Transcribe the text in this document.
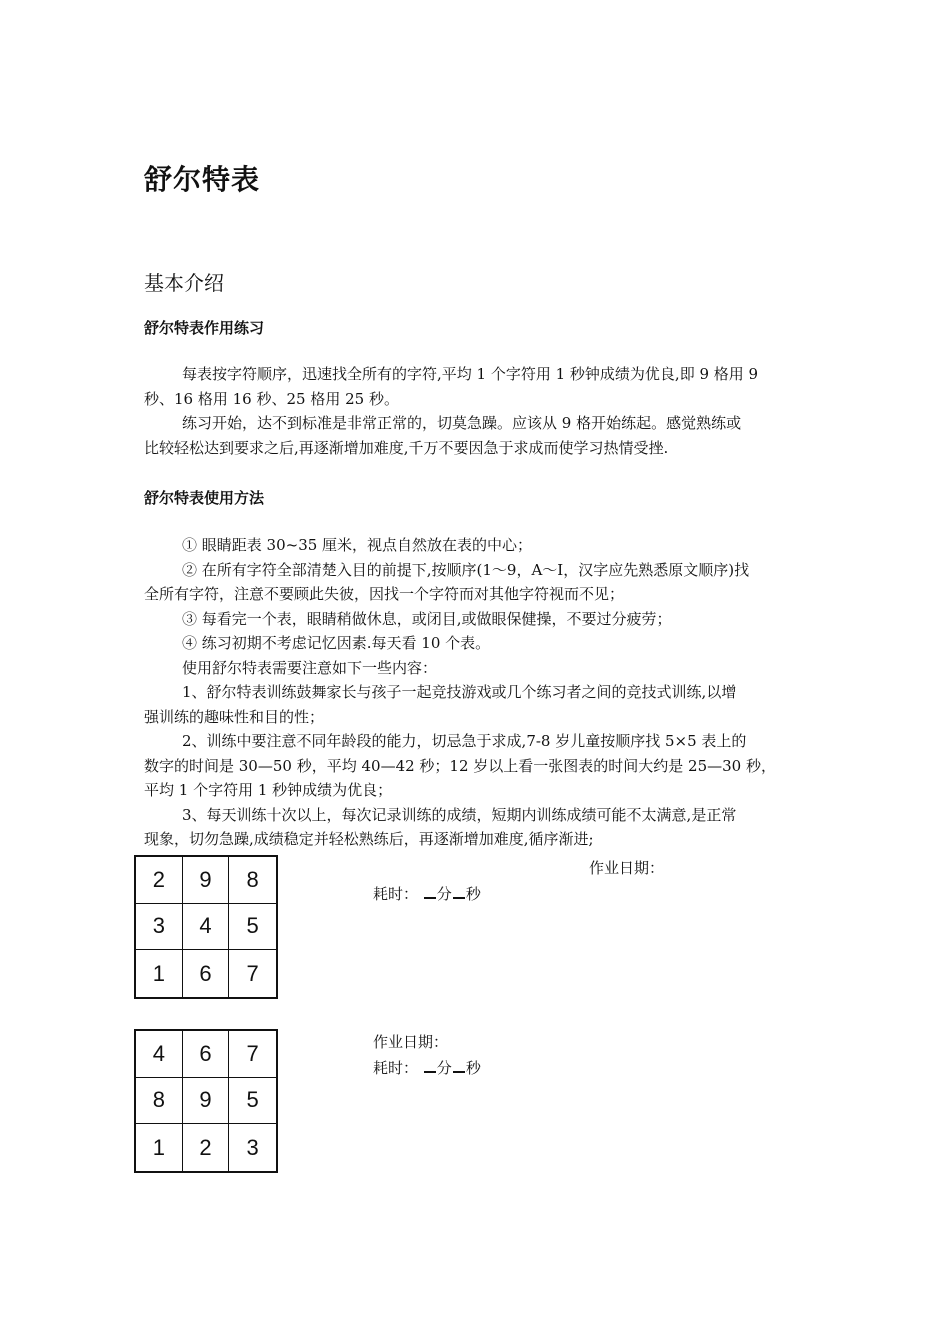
舒尔特表
基本介绍
舒尔特表作用练习
每表按字符顺序，迅速找全所有的字符,平均 1 个字符用 1 秒钟成绩为优良,即 9 格用 9
秒、16 格用 16 秒、25 格用 25 秒。
练习开始，达不到标准是非常正常的，切莫急躁。应该从 9 格开始练起。感觉熟练或
比较轻松达到要求之后,再逐渐增加难度,千万不要因急于求成而使学习热情受挫.
舒尔特表使用方法
① 眼睛距表 30~35 厘米，视点自然放在表的中心；
② 在所有字符全部清楚入目的前提下,按顺序(1～9，A～I，汉字应先熟悉原文顺序)找
全所有字符，注意不要顾此失彼，因找一个字符而对其他字符视而不见；
③ 每看完一个表，眼睛稍做休息，或闭目,或做眼保健操，不要过分疲劳；
④ 练习初期不考虑记忆因素.每天看 10 个表。
使用舒尔特表需要注意如下一些内容：
1、舒尔特表训练鼓舞家长与孩子一起竞技游戏或几个练习者之间的竞技式训练,以增
强训练的趣味性和目的性；
2、训练中要注意不同年龄段的能力，切忌急于求成,7-8 岁儿童按顺序找 5×5 表上的
数字的时间是 30—50 秒，平均 40—42 秒；12 岁以上看一张图表的时间大约是 25—30 秒，
平均 1 个字符用 1 秒钟成绩为优良；
3、每天训练十次以上，每次记录训练的成绩，短期内训练成绩可能不太满意,是正常
现象，切勿急躁,成绩稳定并轻松熟练后，再逐渐增加难度,循序渐进;
2	9	8
3	4	5
1	6	7
作业日期：
耗时： 分 秒
4	6	7
8	9	5
1	2	3
作业日期：
耗时： 分 秒
